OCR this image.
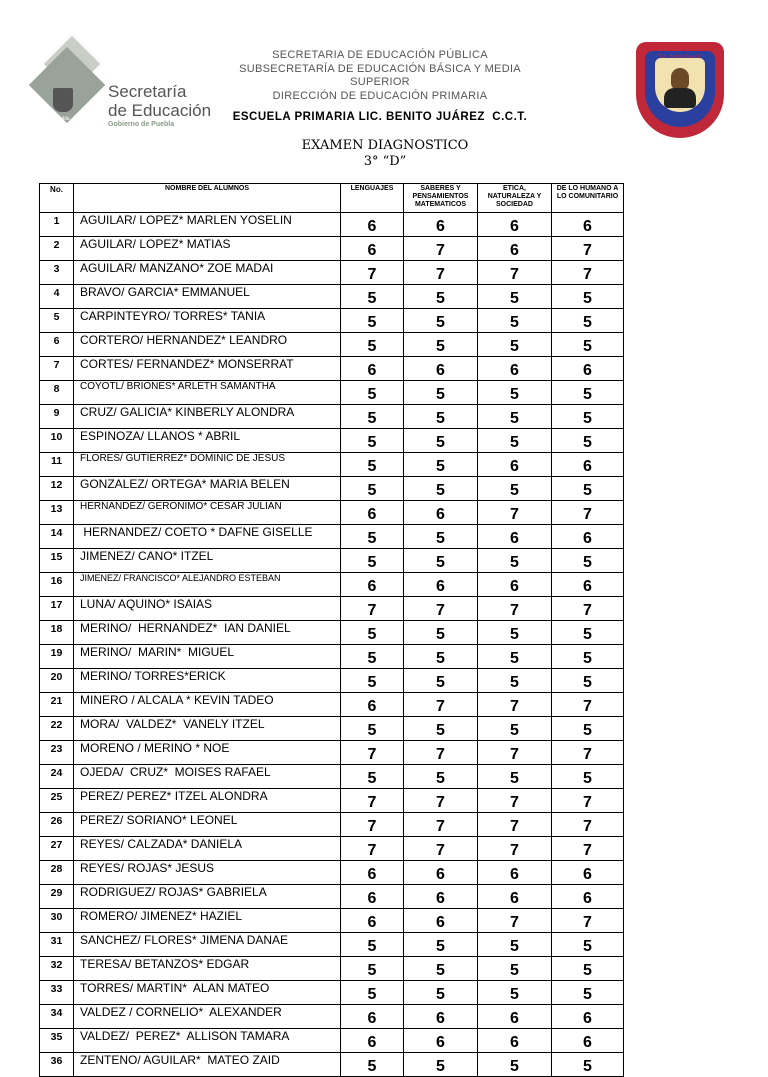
Puebla
Secretaría
de Educación
Gobierno de Puebla
SECRETARIA DE EDUCACIÓN PÚBLICA
SUBSECRETARÍA DE EDUCACIÓN BÁSICA Y MEDIA
SUPERIOR
DIRECCIÓN DE EDUCACIÓN PRIMARIA
ESCUELA PRIMARIA LIC. BENITO JUÁREZ  C.C.T.
EXAMEN DIAGNOSTICO
3° “D”
"Lic. Benito Juárez"
No.	NOMBRE DEL ALUMNOS	LENGUAJES	SABERES Y PENSAMIENTOS MATEMATICOS	ETICA, NATURALEZA Y SOCIEDAD	DE LO HUMANO A LO COMUNITARIO
1	AGUILAR/ LOPEZ* MARLEN YOSELIN	6	6	6	6
2	AGUILAR/ LOPEZ* MATIAS	6	7	6	7
3	AGUILAR/ MANZANO* ZOE MADAI	7	7	7	7
4	BRAVO/ GARCIA* EMMANUEL	5	5	5	5
5	CARPINTEYRO/ TORRES* TANIA	5	5	5	5
6	CORTERO/ HERNANDEZ* LEANDRO	5	5	5	5
7	CORTES/ FERNANDEZ* MONSERRAT	6	6	6	6
8	COYOTL/ BRIONES* ARLETH SAMANTHA	5	5	5	5
9	CRUZ/ GALICIA* KINBERLY ALONDRA	5	5	5	5
10	ESPINOZA/ LLANOS * ABRIL	5	5	5	5
11	FLORES/ GUTIERREZ* DOMINIC DE JESUS	5	5	6	6
12	GONZALEZ/ ORTEGA* MARIA BELEN	5	5	5	5
13	HERNANDEZ/ GERONIMO* CESAR JULIAN	6	6	7	7
14	HERNANDEZ/ COETO * DAFNE GISELLE	5	5	6	6
15	JIMENEZ/ CANO* ITZEL	5	5	5	5
16	JIMENEZ/ FRANCISCO* ALEJANDRO ESTEBAN	6	6	6	6
17	LUNA/ AQUINO* ISAIAS	7	7	7	7
18	MERINO/  HERNANDEZ*  IAN DANIEL	5	5	5	5
19	MERINO/  MARIN*  MIGUEL	5	5	5	5
20	MERINO/ TORRES*ERICK	5	5	5	5
21	MINERO / ALCALA * KEVIN TADEO	6	7	7	7
22	MORA/  VALDEZ*  VANELY ITZEL	5	5	5	5
23	MORENO / MERINO * NOE	7	7	7	7
24	OJEDA/  CRUZ*  MOISES RAFAEL	5	5	5	5
25	PEREZ/ PEREZ* ITZEL ALONDRA	7	7	7	7
26	PEREZ/ SORIANO* LEONEL	7	7	7	7
27	REYES/ CALZADA* DANIELA	7	7	7	7
28	REYES/ ROJAS* JESUS	6	6	6	6
29	RODRIGUEZ/ ROJAS* GABRIELA	6	6	6	6
30	ROMERO/ JIMENEZ* HAZIEL	6	6	7	7
31	SANCHEZ/ FLORES* JIMENA DANAE	5	5	5	5
32	TERESA/ BETANZOS* EDGAR	5	5	5	5
33	TORRES/ MARTIN*  ALAN MATEO	5	5	5	5
34	VALDEZ / CORNELIO*  ALEXANDER	6	6	6	6
35	VALDEZ/  PEREZ*  ALLISON TAMARA	6	6	6	6
36	ZENTENO/ AGUILAR*  MATEO ZAID	5	5	5	5
